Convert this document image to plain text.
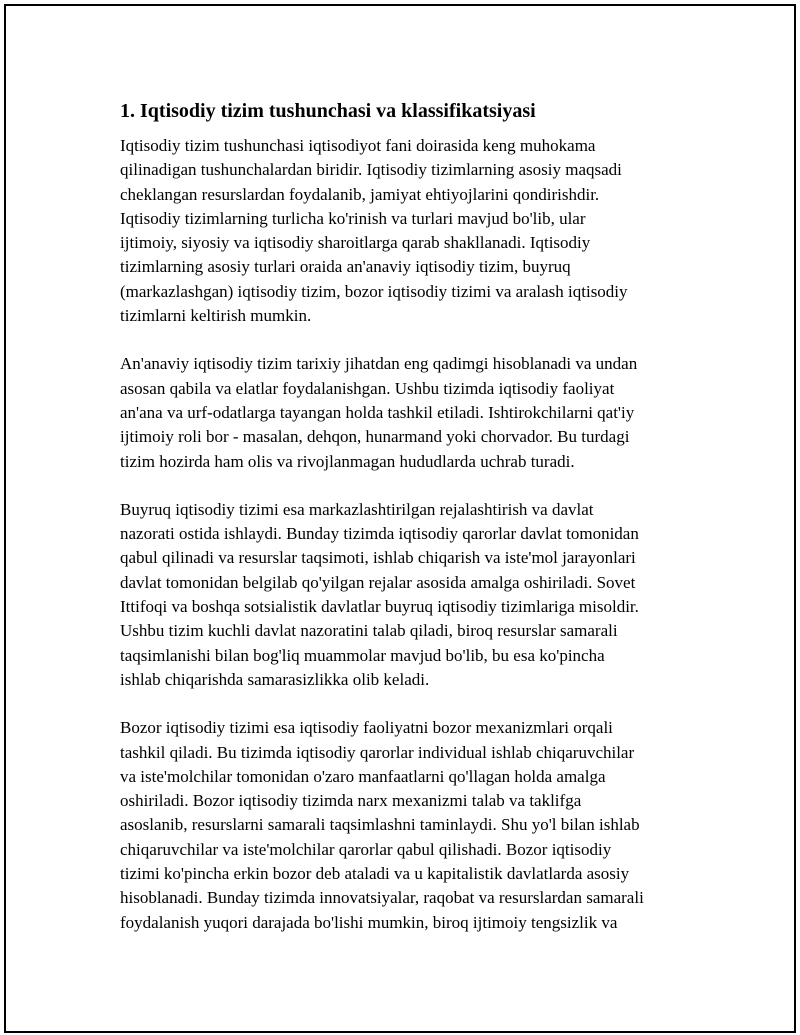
1. Iqtisodiy tizim tushunchasi va klassifikatsiyasi
Iqtisodiy tizim tushunchasi iqtisodiyot fani doirasida keng muhokama
qilinadigan tushunchalardan biridir. Iqtisodiy tizimlarning asosiy maqsadi
cheklangan resurslardan foydalanib, jamiyat ehtiyojlarini qondirishdir.
Iqtisodiy tizimlarning turlicha ko'rinish va turlari mavjud bo'lib, ular
ijtimoiy, siyosiy va iqtisodiy sharoitlarga qarab shakllanadi. Iqtisodiy
tizimlarning asosiy turlari oraida an'anaviy iqtisodiy tizim, buyruq
(markazlashgan) iqtisodiy tizim, bozor iqtisodiy tizimi va aralash iqtisodiy
tizimlarni keltirish mumkin.
An'anaviy iqtisodiy tizim tarixiy jihatdan eng qadimgi hisoblanadi va undan
asosan qabila va elatlar foydalanishgan. Ushbu tizimda iqtisodiy faoliyat
an'ana va urf-odatlarga tayangan holda tashkil etiladi. Ishtirokchilarni qat'iy
ijtimoiy roli bor - masalan, dehqon, hunarmand yoki chorvador. Bu turdagi
tizim hozirda ham olis va rivojlanmagan hududlarda uchrab turadi.
Buyruq iqtisodiy tizimi esa markazlashtirilgan rejalashtirish va davlat
nazorati ostida ishlaydi. Bunday tizimda iqtisodiy qarorlar davlat tomonidan
qabul qilinadi va resurslar taqsimoti, ishlab chiqarish va iste'mol jarayonlari
davlat tomonidan belgilab qo'yilgan rejalar asosida amalga oshiriladi. Sovet
Ittifoqi va boshqa sotsialistik davlatlar buyruq iqtisodiy tizimlariga misoldir.
Ushbu tizim kuchli davlat nazoratini talab qiladi, biroq resurslar samarali
taqsimlanishi bilan bog'liq muammolar mavjud bo'lib, bu esa ko'pincha
ishlab chiqarishda samarasizlikka olib keladi.
Bozor iqtisodiy tizimi esa iqtisodiy faoliyatni bozor mexanizmlari orqali
tashkil qiladi. Bu tizimda iqtisodiy qarorlar individual ishlab chiqaruvchilar
va iste'molchilar tomonidan o'zaro manfaatlarni qo'llagan holda amalga
oshiriladi. Bozor iqtisodiy tizimda narx mexanizmi talab va taklifga
asoslanib, resurslarni samarali taqsimlashni taminlaydi. Shu yo'l bilan ishlab
chiqaruvchilar va iste'molchilar qarorlar qabul qilishadi. Bozor iqtisodiy
tizimi ko'pincha erkin bozor deb ataladi va u kapitalistik davlatlarda asosiy
hisoblanadi. Bunday tizimda innovatsiyalar, raqobat va resurslardan samarali
foydalanish yuqori darajada bo'lishi mumkin, biroq ijtimoiy tengsizlik va
